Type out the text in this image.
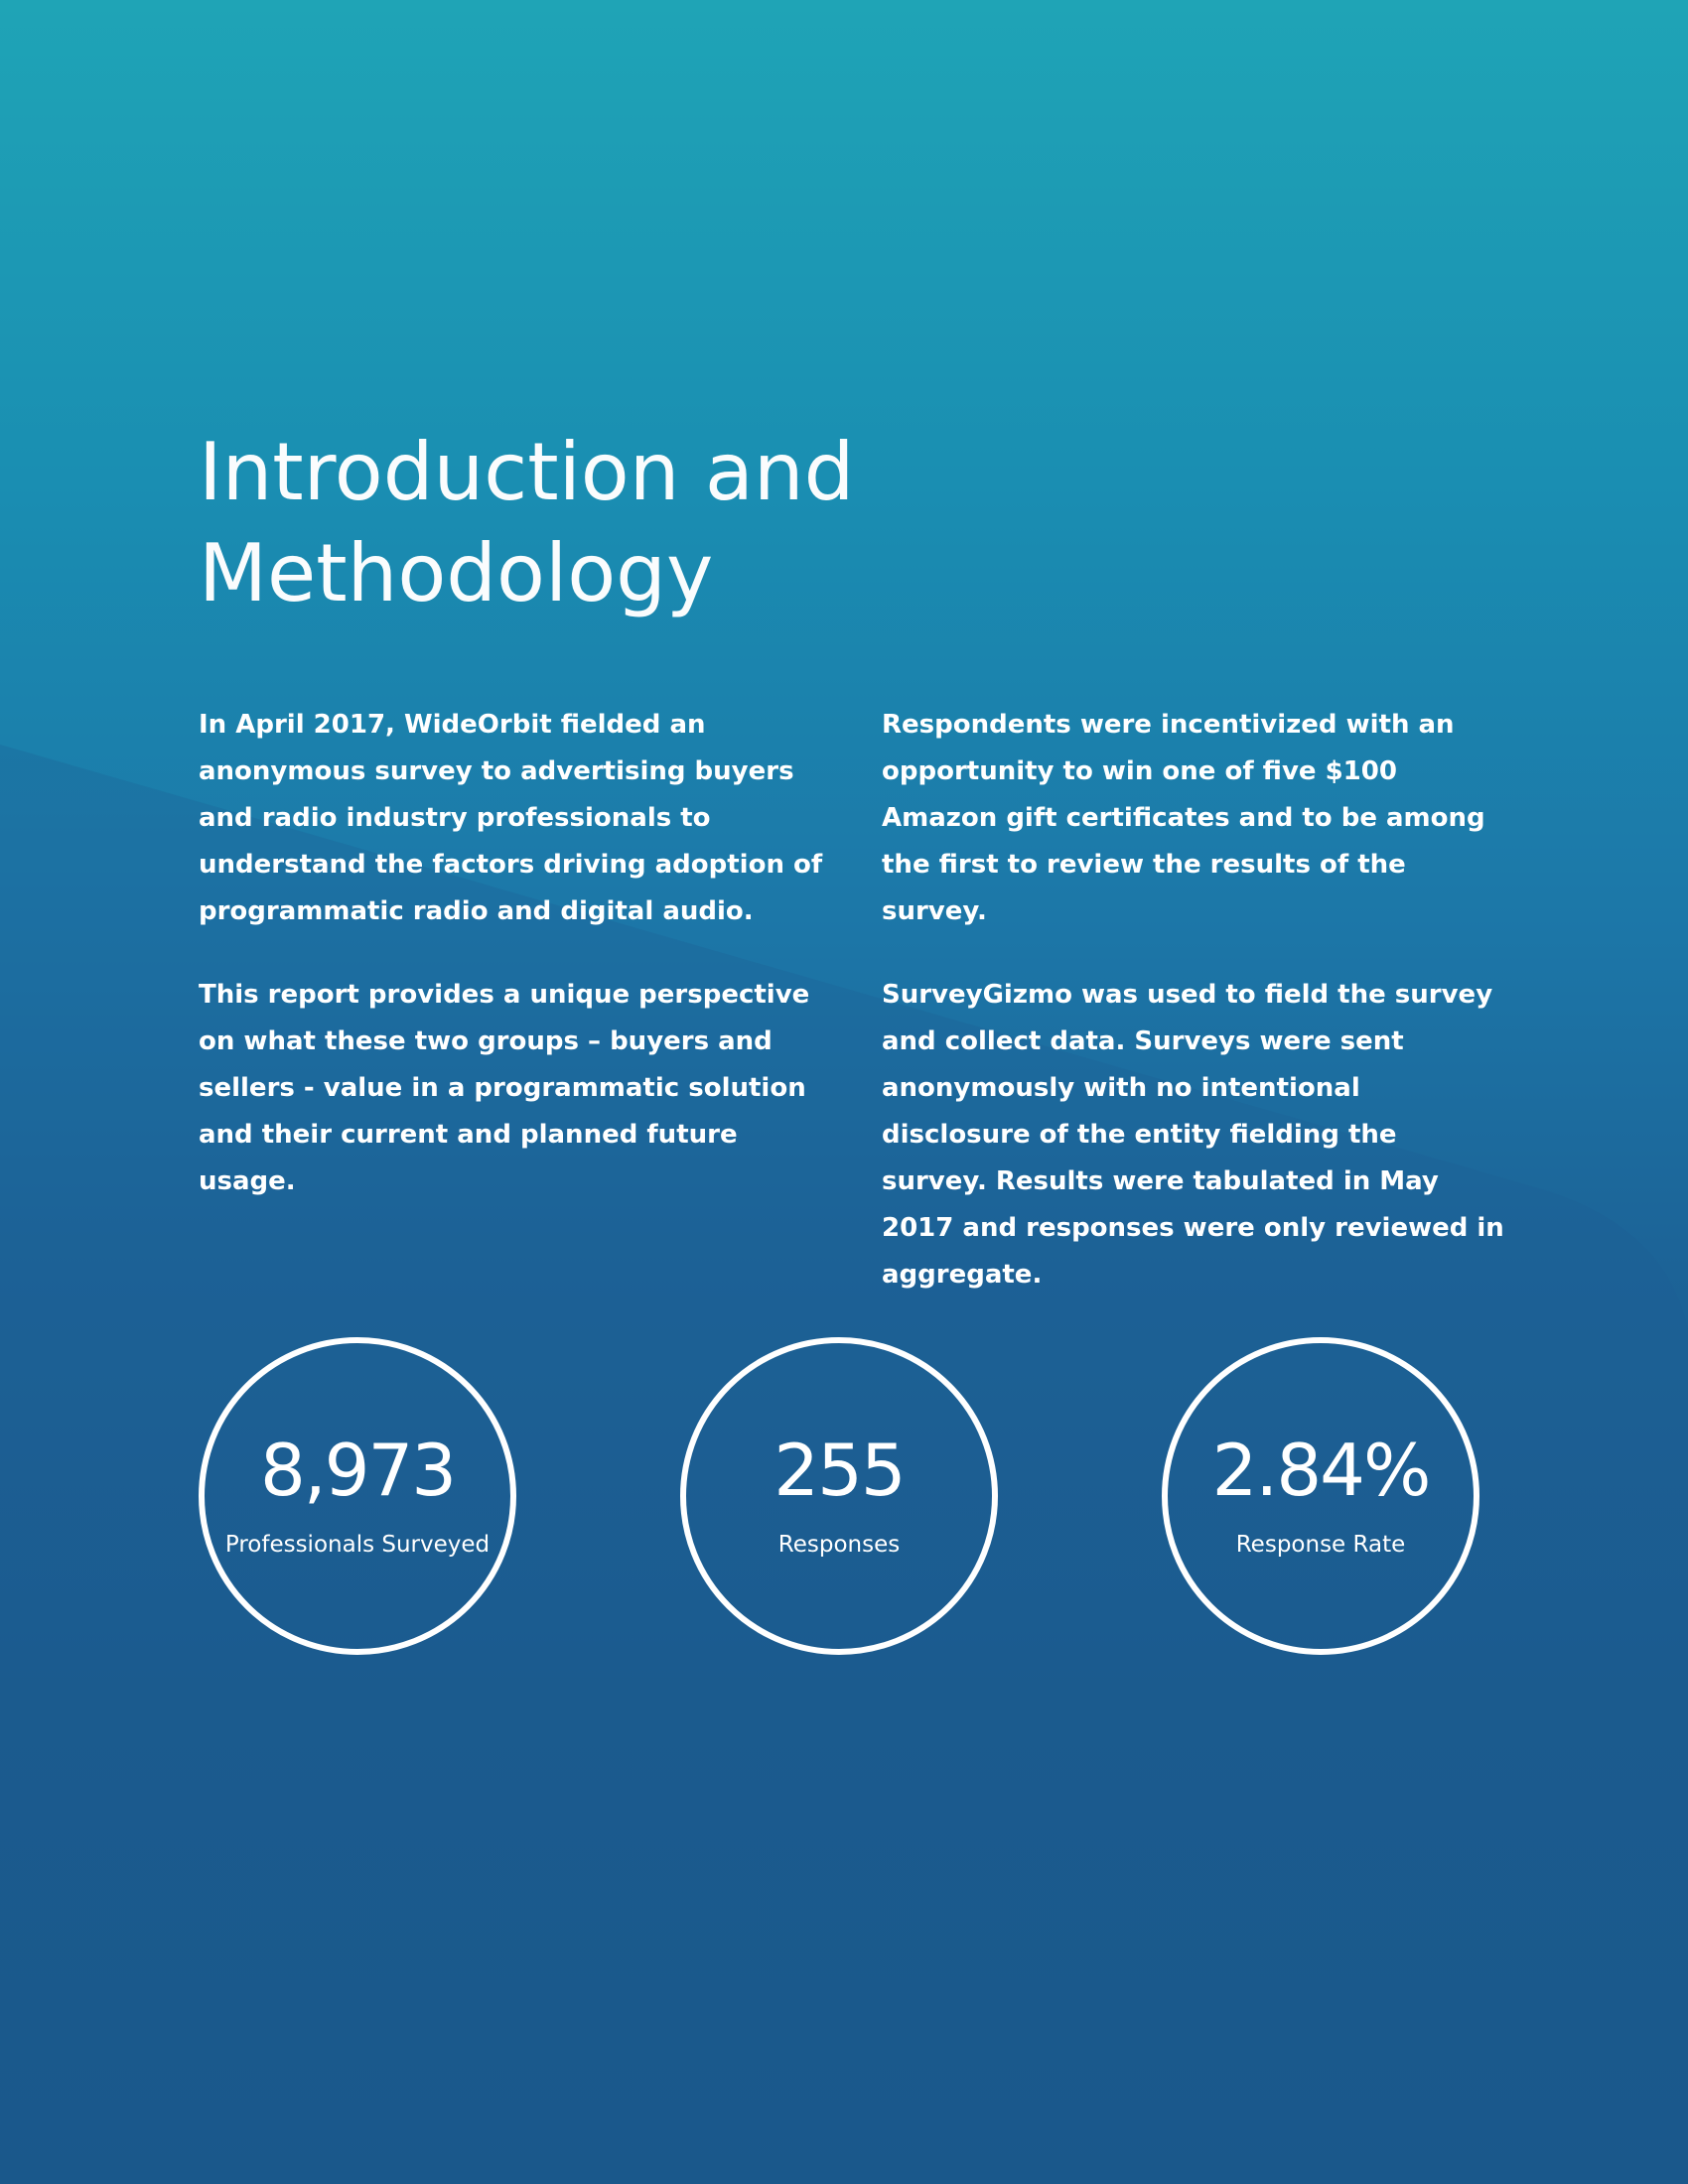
Introduction and
Methodology

In April 2017, WideOrbit fielded an anonymous survey to advertising buyers and radio industry professionals to understand the factors driving adoption of programmatic radio and digital audio.

This report provides a unique perspective on what these two groups – buyers and sellers - value in a programmatic solution and their current and planned future usage.

Respondents were incentivized with an opportunity to win one of five $100 Amazon gift certificates and to be among the first to review the results of the survey.

SurveyGizmo was used to field the survey and collect data. Surveys were sent anonymously with no intentional disclosure of the entity fielding the survey. Results were tabulated in May 2017 and responses were only reviewed in aggregate.

8,973
Professionals Surveyed
255
Responses
2.84%
Response Rate
